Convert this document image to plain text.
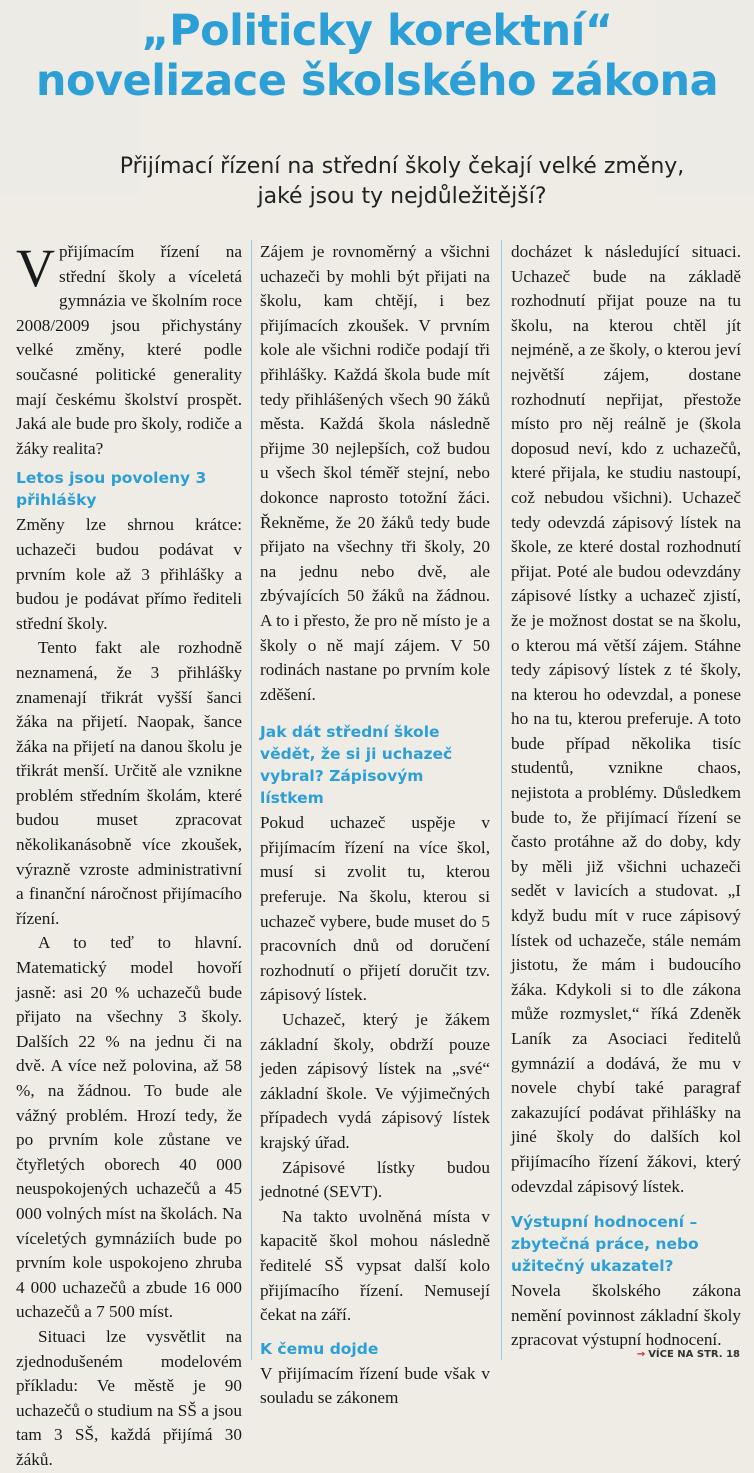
„Politicky korektní“
novelizace školského zákona
Přijímací řízení na střední školy čekají velké změny, jaké jsou ty nejdůležitější?

Vpřijímacím řízení na střední školy a víceletá gymnázia ve školním roce 2008/2009 jsou přichystány velké změny, které podle současné politické generality mají českému školství prospět. Jaká ale bude pro školy, rodiče a žáky realita?

Letos jsou povoleny 3 přihlášky

Změny lze shrnou krátce: uchazeči budou podávat v prvním kole až 3 přihlášky a budou je podávat přímo řediteli střední školy.

Tento fakt ale rozhodně neznamená, že 3 přihlášky znamenají třikrát vyšší šanci žáka na přijetí. Naopak, šance žáka na přijetí na danou školu je třikrát menší. Určitě ale vznikne problém středním školám, které budou muset zpracovat několikanásobně více zkoušek, výrazně vzroste administrativní a finanční náročnost přijímacího řízení.

A to teď to hlavní. Matematický model hovoří jasně: asi 20 % uchazečů bude přijato na všechny 3 školy. Dalších 22 % na jednu či na dvě. A více než polovina, až 58 %, na žádnou. To bude ale vážný problém. Hrozí tedy, že po prvním kole zůstane ve čtyřletých oborech 40 000 neuspokojených uchazečů a 45 000 volných míst na školách. Na víceletých gymnáziích bude po prvním kole uspokojeno zhruba 4 000 uchazečů a zbude 16 000 uchazečů a 7 500 míst.

Situaci lze vysvětlit na zjednodušeném modelovém příkladu: Ve městě je 90 uchazečů o studium na SŠ a jsou tam 3 SŠ, každá přijímá 30 žáků.

Zájem je rovnoměrný a všichni uchazeči by mohli být přijati na školu, kam chtějí, i bez přijímacích zkoušek. V prvním kole ale všichni rodiče podají tři přihlášky. Každá škola bude mít tedy přihlášených všech 90 žáků města. Každá škola následně přijme 30 nejlepších, což budou u všech škol téměř stejní, nebo dokonce naprosto totožní žáci. Řekněme, že 20 žáků tedy bude přijato na všechny tři školy, 20 na jednu nebo dvě, ale zbývajících 50 žáků na žádnou. A to i přesto, že pro ně místo je a školy o ně mají zájem. V 50 rodinách nastane po prvním kole zděšení.

Jak dát střední škole vědět, že si ji uchazeč vybral? Zápisovým lístkem

Pokud uchazeč uspěje v přijímacím řízení na více škol, musí si zvolit tu, kterou preferuje. Na školu, kterou si uchazeč vybere, bude muset do 5 pracovních dnů od doručení rozhodnutí o přijetí doručit tzv. zápisový lístek.

Uchazeč, který je žákem základní školy, obdrží pouze jeden zápisový lístek na „své“ základní škole. Ve výjimečných případech vydá zápisový lístek krajský úřad.

Zápisové lístky budou jednotné (SEVT).

Na takto uvolněná místa v kapacitě škol mohou následně ředitelé SŠ vypsat další kolo přijímacího řízení. Nemusejí čekat na září.

K čemu dojde

V přijímacím řízení bude však v souladu se zákonem

docházet k následující situaci. Uchazeč bude na základě rozhodnutí přijat pouze na tu školu, na kterou chtěl jít nejméně, a ze školy, o kterou jeví největší zájem, dostane rozhodnutí nepřijat, přestože místo pro něj reálně je (škola doposud neví, kdo z uchazečů, které přijala, ke studiu nastoupí, což nebudou všichni). Uchazeč tedy odevzdá zápisový lístek na škole, ze které dostal rozhodnutí přijat. Poté ale budou odevzdány zápisové lístky a uchazeč zjistí, že je možnost dostat se na školu, o kterou má větší zájem. Stáhne tedy zápisový lístek z té školy, na kterou ho odevzdal, a ponese ho na tu, kterou preferuje. A toto bude případ několika tisíc studentů, vznikne chaos, nejistota a problémy. Důsledkem bude to, že přijímací řízení se často protáhne až do doby, kdy by měli již všichni uchazeči sedět v lavicích a studovat. „I když budu mít v ruce zápisový lístek od uchazeče, stále nemám jistotu, že mám i budoucího žáka. Kdykoli si to dle zákona může rozmyslet,“ říká Zdeněk Laník za Asociaci ředitelů gymnázií a dodává, že mu v novele chybí také paragraf zakazující podávat přihlášky na jiné školy do dalších kol přijímacího řízení žákovi, který odevzdal zápisový lístek.

Výstupní hodnocení – zbytečná práce, nebo užitečný ukazatel?

Novela školského zákona nemění povinnost základní školy zpracovat výstupní hodnocení.

→ VÍCE NA STR. 18
